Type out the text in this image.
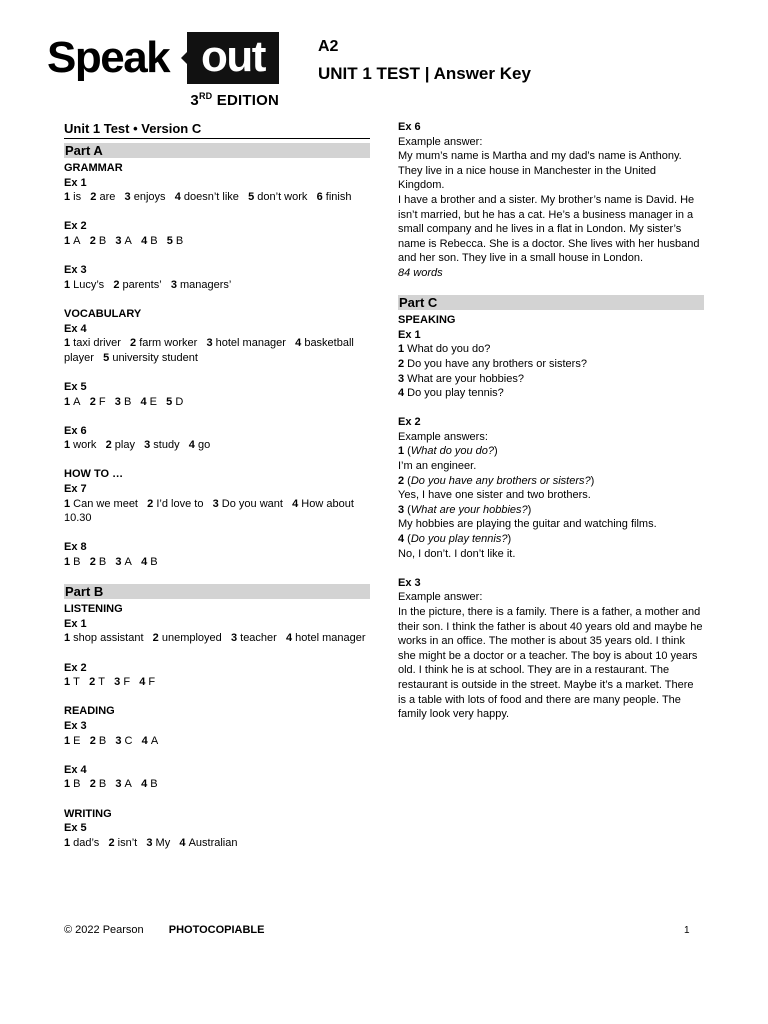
Speak out
3RD EDITION
A2
UNIT 1 TEST | Answer Key
Unit 1 Test • Version C
Part A
GRAMMAR
Ex 1
1 is   2 are   3 enjoys   4 doesn’t like   5 don’t work   6 finish
Ex 2
1 A   2 B   3 A   4 B   5 B
Ex 3
1 Lucy’s   2 parents’   3 managers’
VOCABULARY
Ex 4
1 taxi driver   2 farm worker   3 hotel manager   4 basketball player   5 university student
Ex 5
1 A   2 F   3 B   4 E   5 D
Ex 6
1 work   2 play   3 study   4 go
HOW TO …
Ex 7
1 Can we meet   2 I’d love to   3 Do you want   4 How about 10.30
Ex 8
1 B   2 B   3 A   4 B
Part B
LISTENING
Ex 1
1 shop assistant   2 unemployed   3 teacher   4 hotel manager
Ex 2
1 T   2 T   3 F   4 F
READING
Ex 3
1 E   2 B   3 C   4 A
Ex 4
1 B   2 B   3 A   4 B
WRITING
Ex 5
1 dad’s   2 isn’t   3 My   4 Australian
Ex 6
Example answer:
My mum’s name is Martha and my dad’s name is Anthony. They live in a nice house in Manchester in the United Kingdom.
I have a brother and a sister. My brother’s name is David. He isn’t married, but he has a cat. He’s a business manager in a small company and he lives in a flat in London. My sister’s name is Rebecca. She is a doctor. She lives with her husband and her son. They live in a small house in London.
84 words
Part C
SPEAKING
Ex 1
1 What do you do?
2 Do you have any brothers or sisters?
3 What are your hobbies?
4 Do you play tennis?
Ex 2
Example answers:
1 (What do you do?)
I’m an engineer.
2 (Do you have any brothers or sisters?)
Yes, I have one sister and two brothers.
3 (What are your hobbies?)
My hobbies are playing the guitar and watching films.
4 (Do you play tennis?)
No, I don’t. I don’t like it.
Ex 3
Example answer:
In the picture, there is a family. There is a father, a mother and their son. I think the father is about 40 years old and maybe he works in an office. The mother is about 35 years old. I think she might be a doctor or a teacher. The boy is about 10 years old. I think he is at school. They are in a restaurant. The restaurant is outside in the street. Maybe it’s a market. There is a table with lots of food and there are many people. The family look very happy.
© 2022 Pearson PHOTOCOPIABLE	1
